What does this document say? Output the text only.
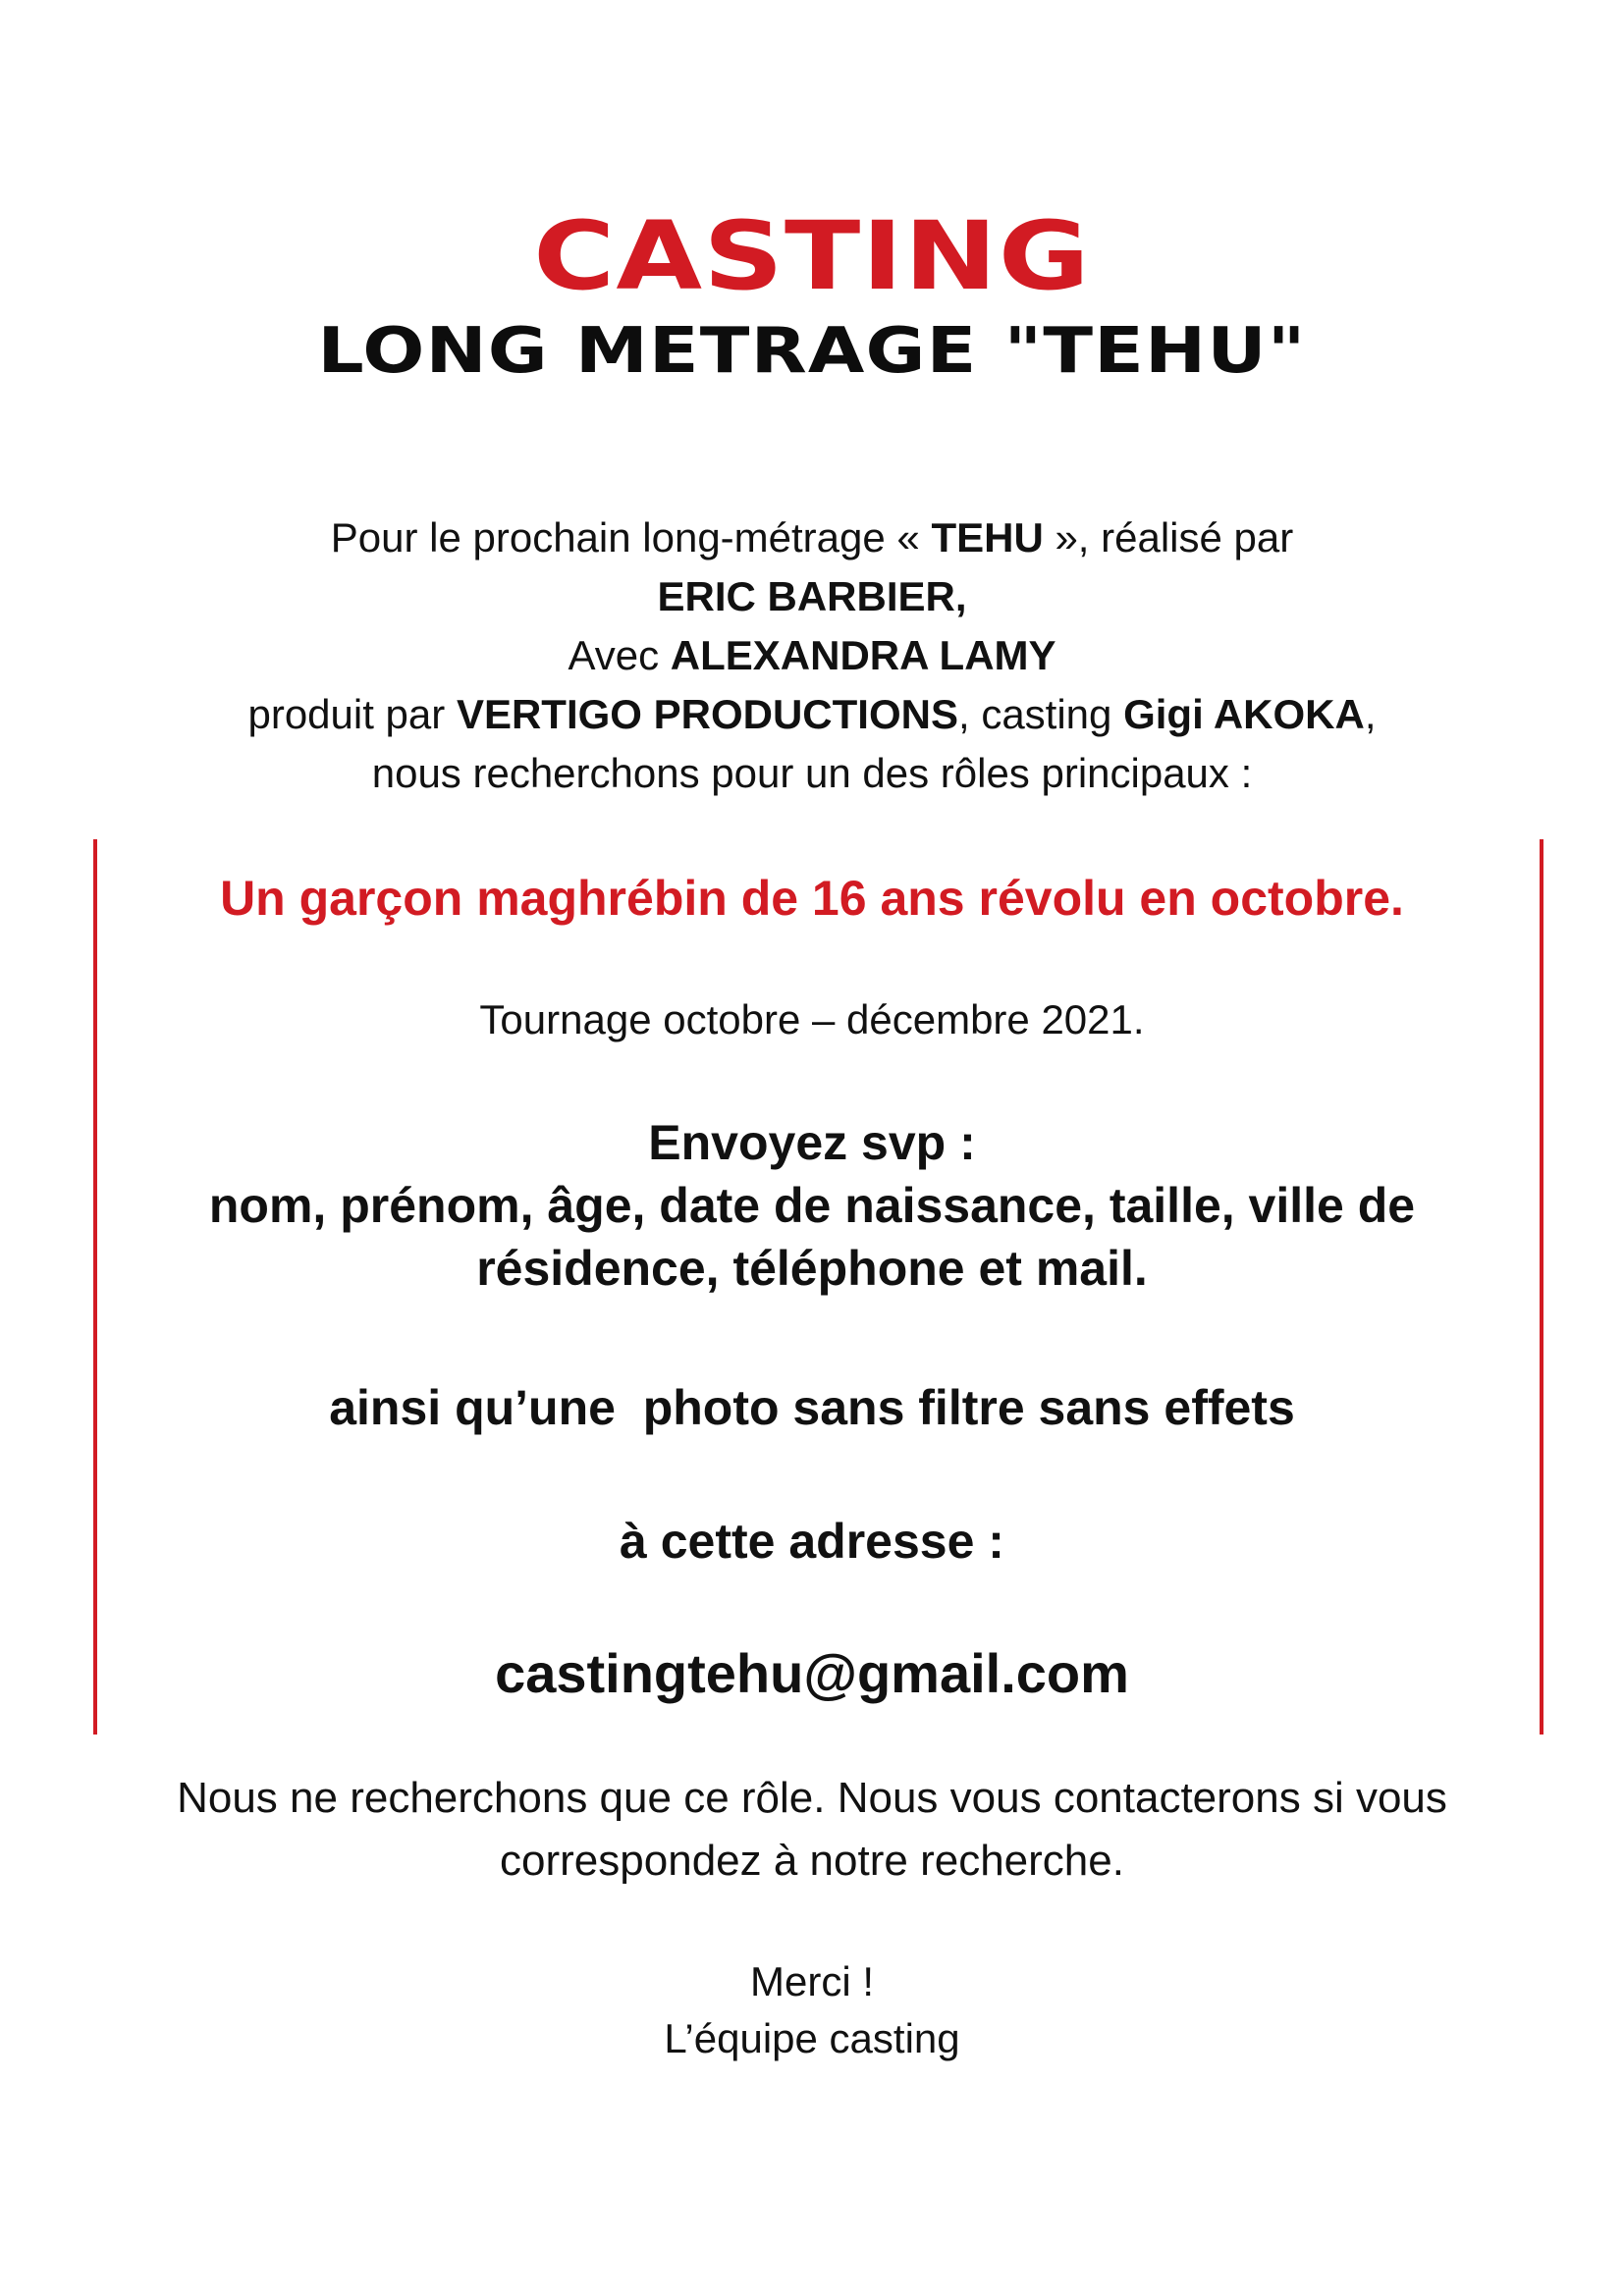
CASTING
LONG METRAGE "TEHU"
Pour le prochain long-métrage « TEHU », réalisé par
ERIC BARBIER,
Avec ALEXANDRA LAMY
produit par VERTIGO PRODUCTIONS, casting Gigi AKOKA,
nous recherchons pour un des rôles principaux :
Un garçon maghrébin de 16 ans révolu en octobre.
Tournage octobre – décembre 2021.
Envoyez svp :
nom, prénom, âge, date de naissance, taille, ville de
résidence, téléphone et mail.
ainsi qu’une  photo sans filtre sans effets
à cette adresse :
castingtehu@gmail.com
Nous ne recherchons que ce rôle. Nous vous contacterons si vous
correspondez à notre recherche.
Merci !
L’équipe casting
